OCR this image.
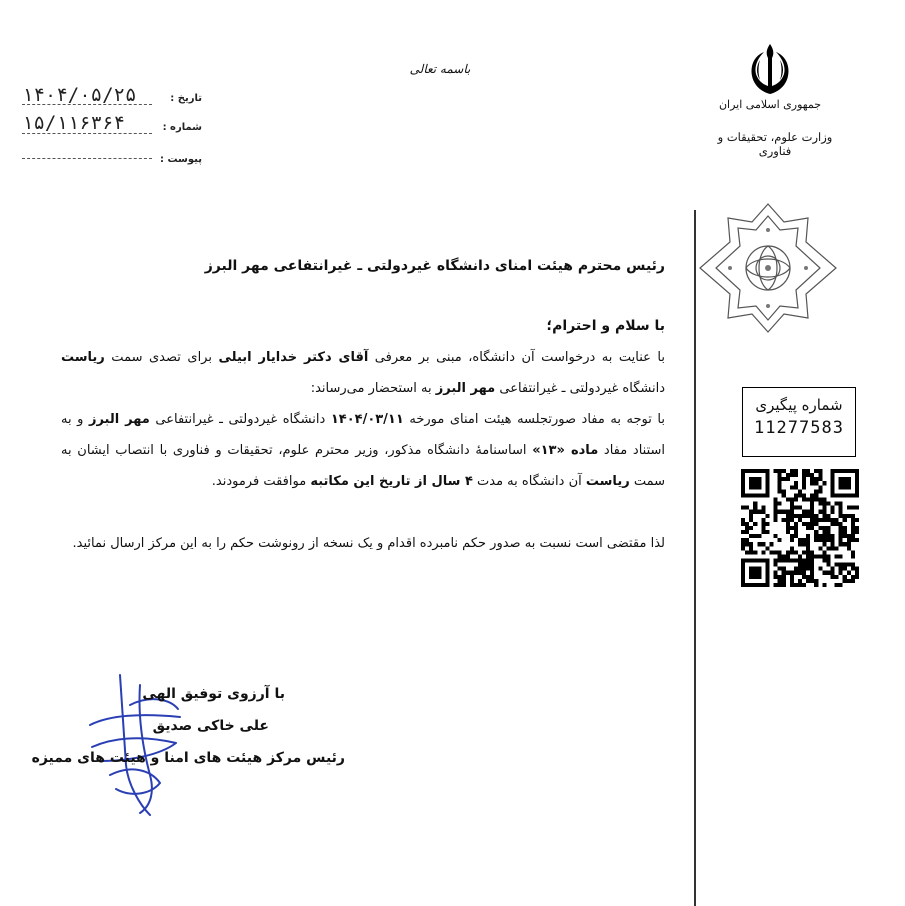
جمهوری اسلامی ایران
وزارت علوم، تحقیقات و فناوری
باسمه تعالی
۱۴۰۴/۰۵/۲۵	تاریخ :
۱۵/۱۱۶۳۶۴	شماره :
پیوست :
رئیس محترم هیئت امنای دانشگاه غیردولتی ـ غیرانتفاعی مهر البرز
با سلام و احترام؛
با عنایت به درخواست آن دانشگاه، مبنی بر معرفی آقای دکتر خدایار ابیلی برای تصدی سمت ریاست دانشگاه غیردولتی ـ غیرانتفاعی مهر البرز به استحضار می‌رساند:
با توجه به مفاد صورتجلسه هیئت امنای مورخه ۱۴۰۴/۰۳/۱۱ دانشگاه غیردولتی ـ غیرانتفاعی مهر البرز و به استناد مفاد ماده «۱۳» اساسنامۀ دانشگاه مذکور، وزیر محترم علوم، تحقیقات و فناوری با انتصاب ایشان به سمت ریاست آن دانشگاه به مدت ۴ سال از تاریخ این مکاتبه موافقت فرمودند.
لذا مقتضی است نسبت به صدور حکم نامبرده اقدام و یک نسخه از رونوشت حکم را به این مرکز ارسال نمائید.
شماره پیگیری
11277583
با آرزوی توفیق الهی
علی خاکی صدیق
رئیس مرکز هیئت های امنا و هیئت های ممیزه
